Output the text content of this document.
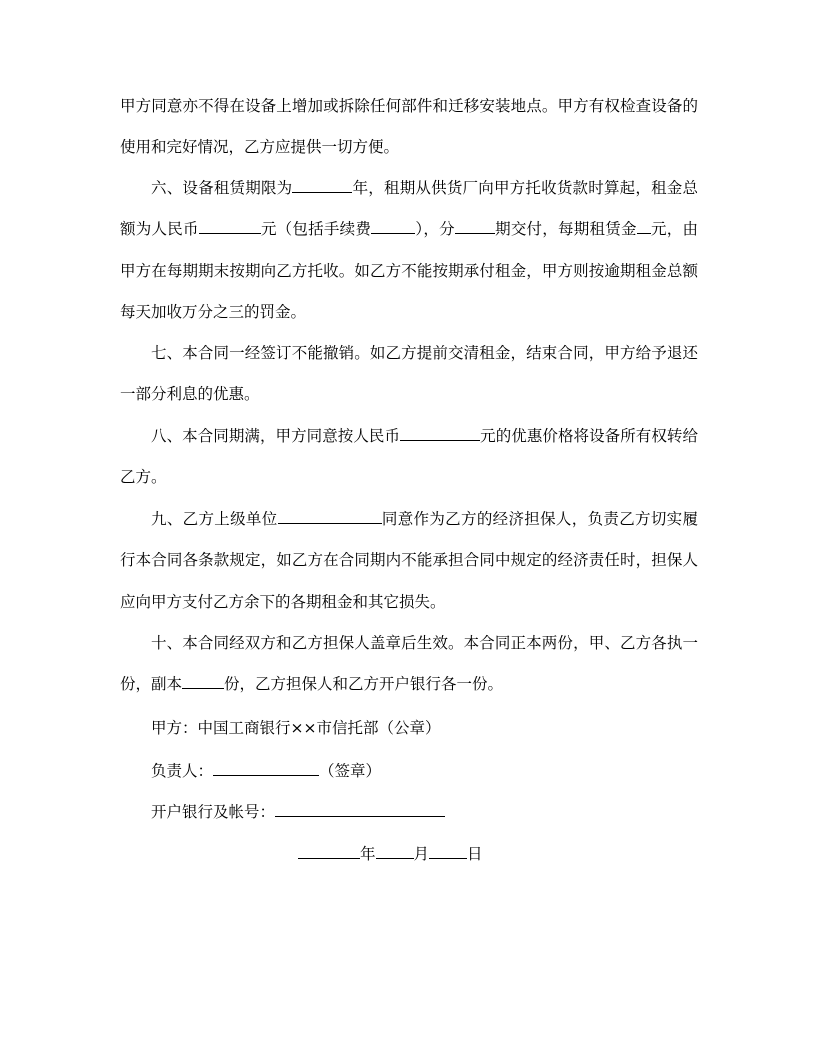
甲方同意亦不得在设备上增加或拆除任何部件和迁移安装地点。甲方有权检查设备的使用和完好情况，乙方应提供一切方便。

六、设备租赁期限为	年，租期从供货厂向甲方托收货款时算起，租金总额为人民币	元（包括手续费	），分	期交付，每期租赁金 元，由甲方在每期期末按期向乙方托收。如乙方不能按期承付租金，甲方则按逾期租金总额每天加收万分之三的罚金。

七、本合同一经签订不能撤销。如乙方提前交清租金，结束合同，甲方给予退还一部分利息的优惠。

八、本合同期满，甲方同意按人民币	元的优惠价格将设备所有权转给乙方。

九、乙方上级单位	同意作为乙方的经济担保人，负责乙方切实履行本合同各条款规定，如乙方在合同期内不能承担合同中规定的经济责任时，担保人应向甲方支付乙方余下的各期租金和其它损失。

十、本合同经双方和乙方担保人盖章后生效。本合同正本两份，甲、乙方各执一份，副本	份，乙方担保人和乙方开户银行各一份。

甲方：中国工商银行××市信托部（公章）

负责人：	（签章）

开户银行及帐号：

年 月 日
